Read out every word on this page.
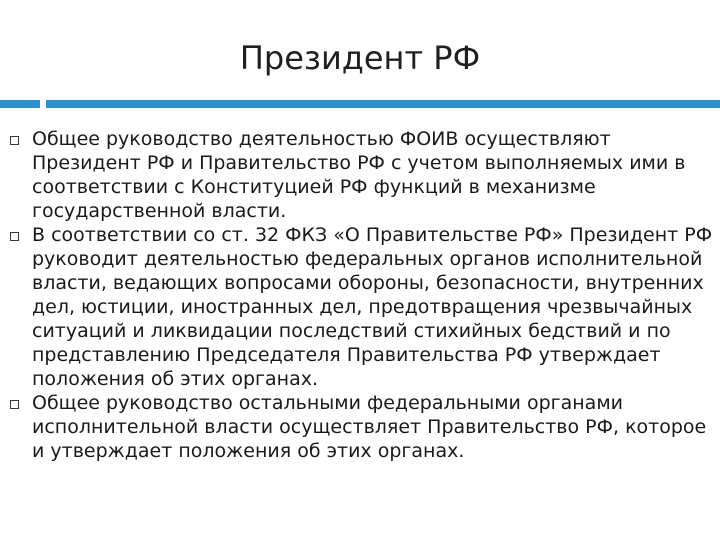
Президент РФ
Общее руководство деятельностью ФОИВ осуществляют Президент РФ и Правительство РФ с учетом выполняемых ими в соответствии с Конституцией РФ функций в механизме государственной власти.
В соответствии со ст. 32 ФКЗ «О Правительстве РФ» Президент РФ руководит деятельностью федеральных органов исполнительной власти, ведающих вопросами обороны, безопасности, внутренних дел, юстиции, иностранных дел, предотвращения чрезвычайных ситуаций и ликвидации последствий стихийных бедствий и по представлению Председателя Правительства РФ утверждает положения об этих органах.
Общее руководство остальными федеральными органами исполнительной власти осуществляет Правительство РФ, которое и утверждает положения об этих органах.
